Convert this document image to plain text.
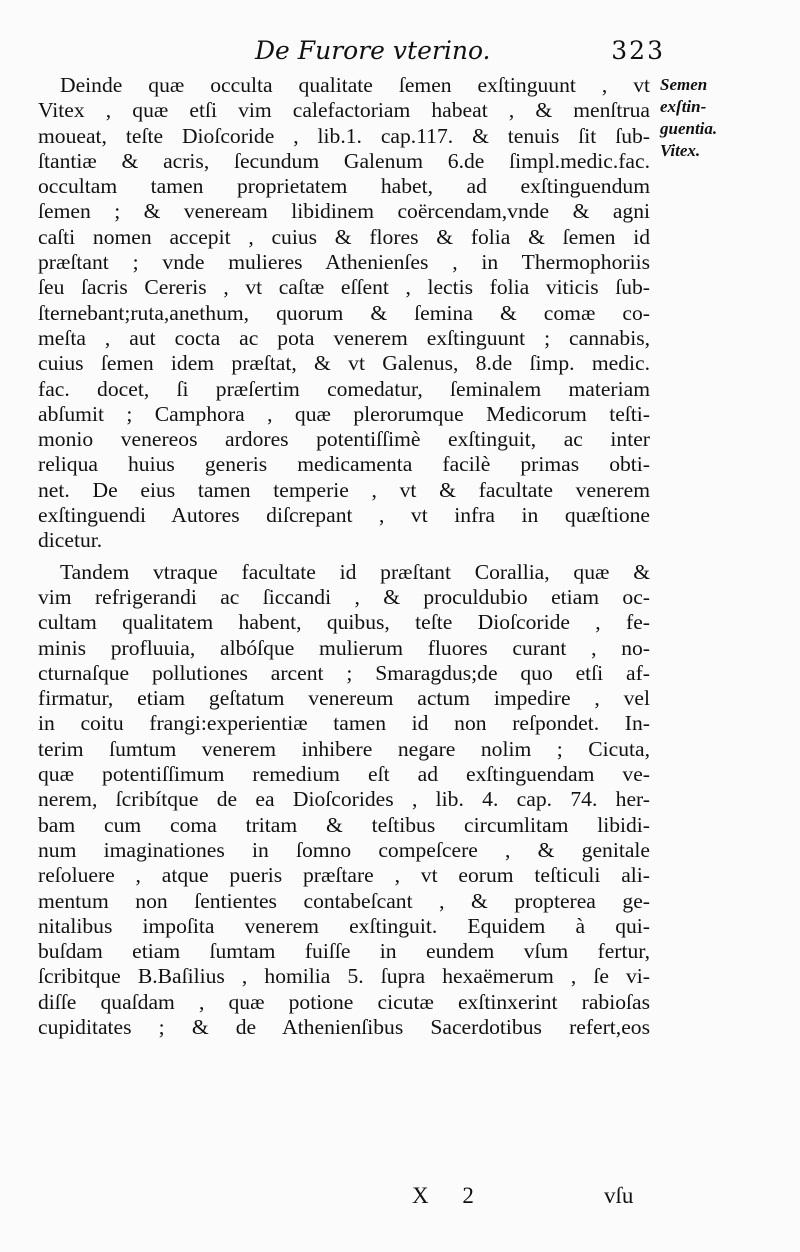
De Furore vterino.	323
Semen
exſtin-
guentia.
Vitex.
Deinde quæ occulta qualitate ſemen exſtinguunt , vt
Vitex , quæ etſi vim calefactoriam habeat , & menſtrua
moueat, teſte Dioſcoride , lib.1. cap.117. & tenuis ſit ſub-
ſtantiæ & acris, ſecundum Galenum 6.de ſimpl.medic.fac.
occultam tamen proprietatem habet, ad exſtinguendum
ſemen ; & veneream libidinem coërcendam,vnde & agni
caſti nomen accepit , cuius & flores & folia & ſemen id
præſtant ; vnde mulieres Athenienſes , in Thermophoriis
ſeu ſacris Cereris , vt caſtæ eſſent , lectis folia viticis ſub-
ſternebant;ruta,anethum, quorum & ſemina & comæ co-
meſta , aut cocta ac pota venerem exſtinguunt ; cannabis,
cuius ſemen idem præſtat, & vt Galenus, 8.de ſimp. medic.
fac. docet, ſi præſertim comedatur, ſeminalem materiam
abſumit ; Camphora , quæ plerorumque Medicorum teſti-
monio venereos ardores potentiſſimè exſtinguit, ac inter
reliqua huius generis medicamenta facilè primas obti-
net. De eius tamen temperie , vt & facultate venerem
exſtinguendi Autores diſcrepant , vt infra in quæſtione
dicetur.
Tandem vtraque facultate id præſtant Corallia, quæ &
vim refrigerandi ac ſiccandi , & proculdubio etiam oc-
cultam qualitatem habent, quibus, teſte Dioſcoride , fe-
minis profluuia, albóſque mulierum fluores curant , no-
cturnaſque pollutiones arcent ; Smaragdus;de quo etſi af-
firmatur, etiam geſtatum venereum actum impedire , vel
in coitu frangi:experientiæ tamen id non reſpondet. In-
terim ſumtum venerem inhibere negare nolim ; Cicuta,
quæ potentiſſimum remedium eſt ad exſtinguendam ve-
nerem, ſcribítque de ea Dioſcorides , lib. 4. cap. 74. her-
bam cum coma tritam & teſtibus circumlitam libidi-
num imaginationes in ſomno compeſcere , & genitale
reſoluere , atque pueris præſtare , vt eorum teſticuli ali-
mentum non ſentientes contabeſcant , & propterea ge-
nitalibus impoſita venerem exſtinguit. Equidem à qui-
buſdam etiam ſumtam fuiſſe in eundem vſum fertur,
ſcribitque B.Baſilius , homilia 5. ſupra hexaëmerum , ſe vi-
diſſe quaſdam , quæ potione cicutæ exſtinxerint rabioſas
cupiditates ; & de Athenienſibus Sacerdotibus refert,eos
X 2	vſu
